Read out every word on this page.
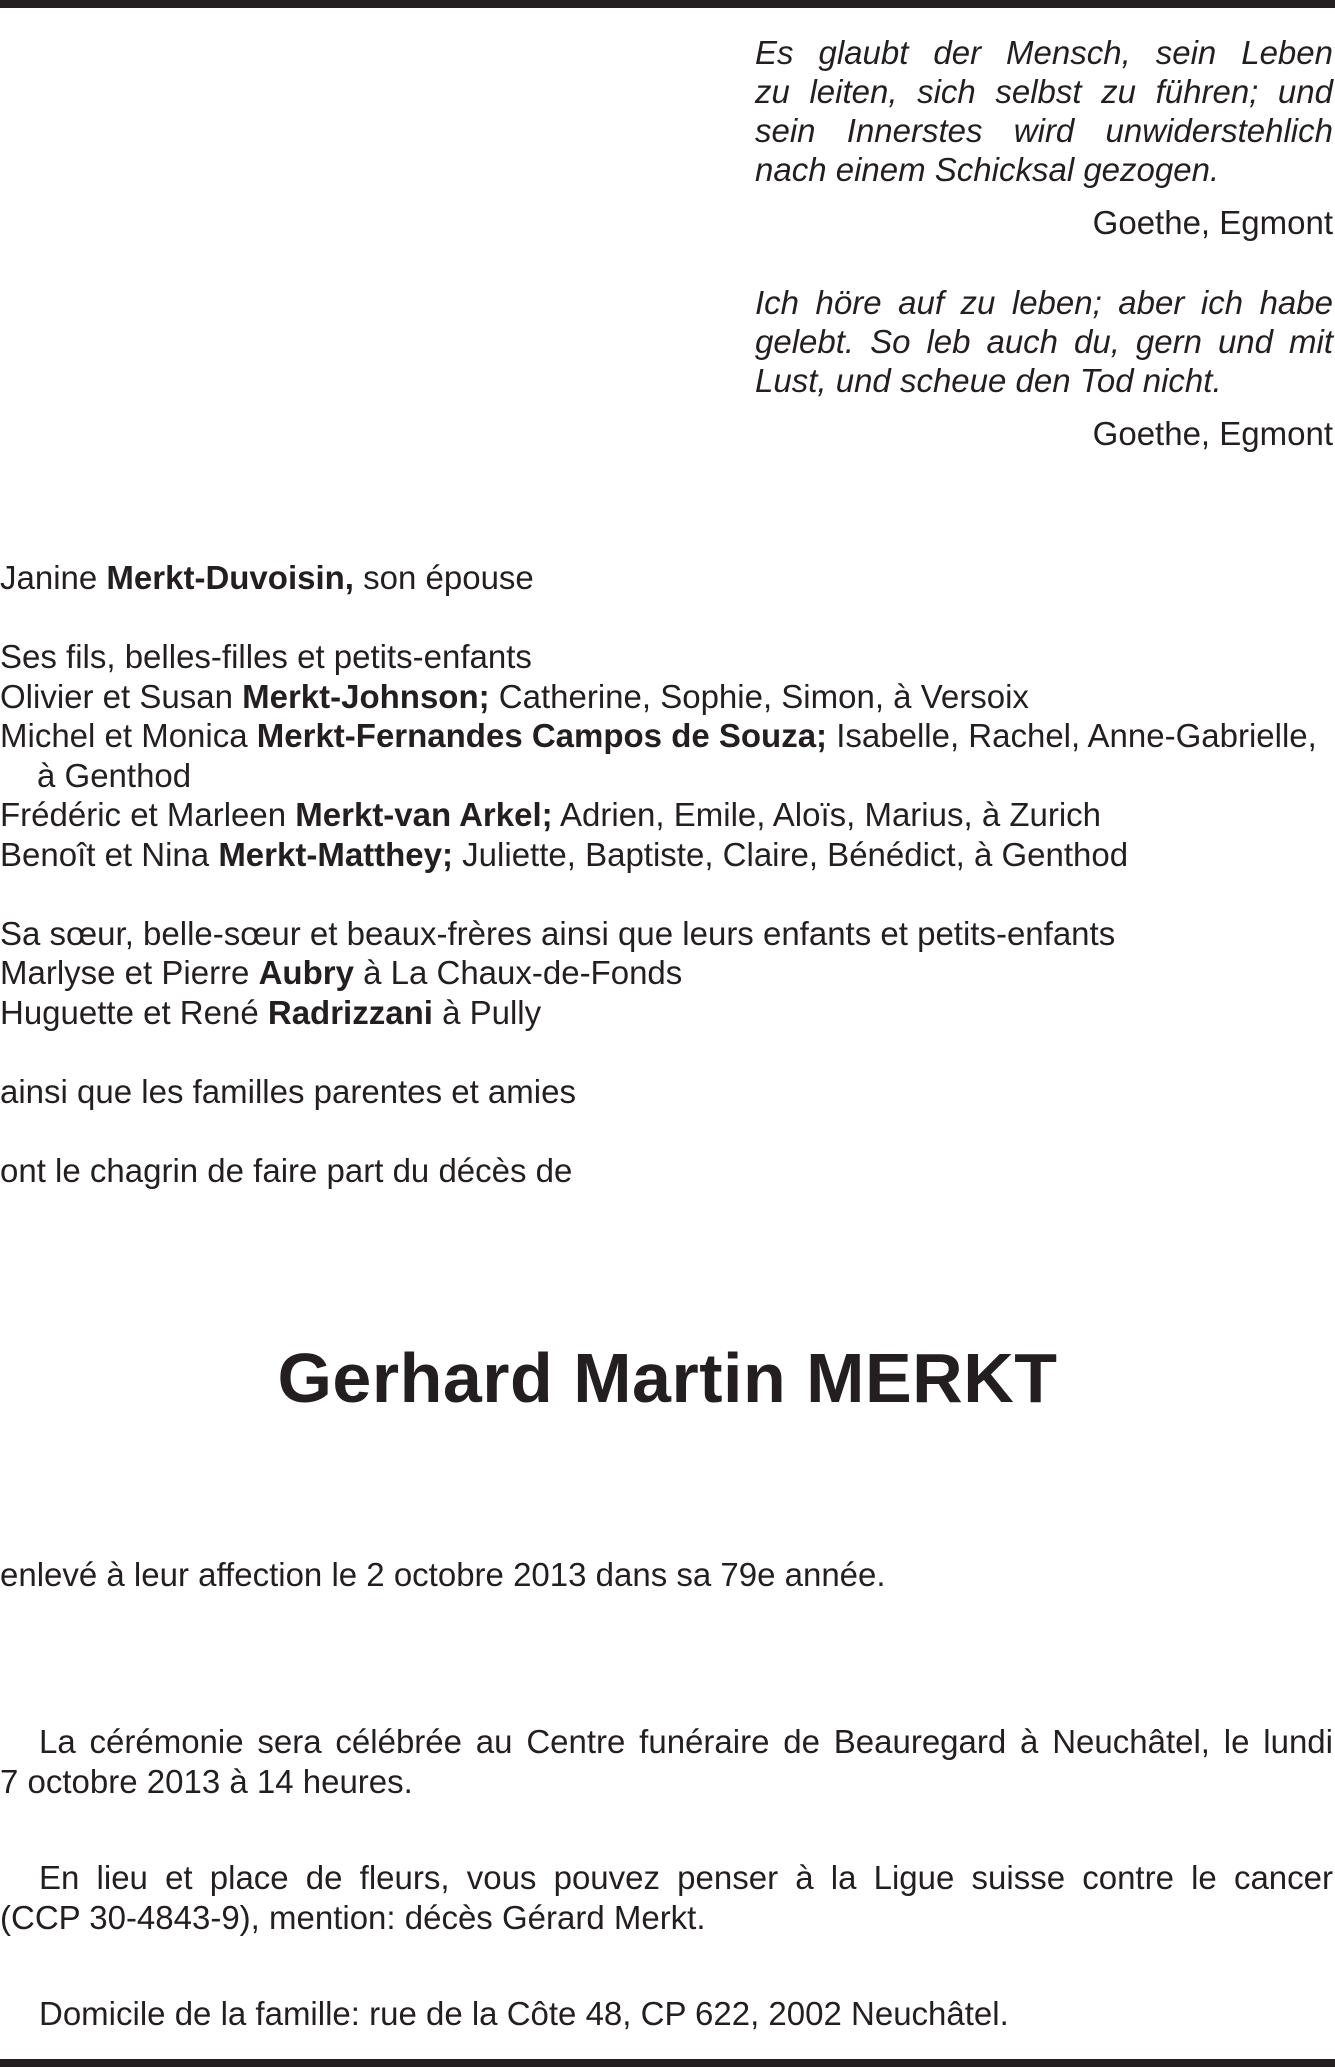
Es glaubt der Mensch, sein Leben
zu leiten, sich selbst zu führen; und
sein Innerstes wird unwiderstehlich
nach einem Schicksal gezogen.
Goethe, Egmont
Ich höre auf zu leben; aber ich habe
gelebt. So leb auch du, gern und mit
Lust, und scheue den Tod nicht.
Goethe, Egmont
Janine Merkt-Duvoisin, son épouse

Ses fils, belles-filles et petits-enfants
Olivier et Susan Merkt-Johnson; Catherine, Sophie, Simon, à Versoix
Michel et Monica Merkt-Fernandes Campos de Souza; Isabelle, Rachel, Anne-Gabrielle,
à Genthod
Frédéric et Marleen Merkt-van Arkel; Adrien, Emile, Aloïs, Marius, à Zurich
Benoît et Nina Merkt-Matthey; Juliette, Baptiste, Claire, Bénédict, à Genthod

Sa sœur, belle-sœur et beaux-frères ainsi que leurs enfants et petits-enfants
Marlyse et Pierre Aubry à La Chaux-de-Fonds
Huguette et René Radrizzani à Pully

ainsi que les familles parentes et amies

ont le chagrin de faire part du décès de
Gerhard Martin MERKT
enlevé à leur affection le 2 octobre 2013 dans sa 79e année.
La cérémonie sera célébrée au Centre funéraire de Beauregard à Neuchâtel, le lundi
7 octobre 2013 à 14 heures.
En lieu et place de fleurs, vous pouvez penser à la Ligue suisse contre le cancer
(CCP 30-4843-9), mention: décès Gérard Merkt.
Domicile de la famille: rue de la Côte 48, CP 622, 2002 Neuchâtel.
